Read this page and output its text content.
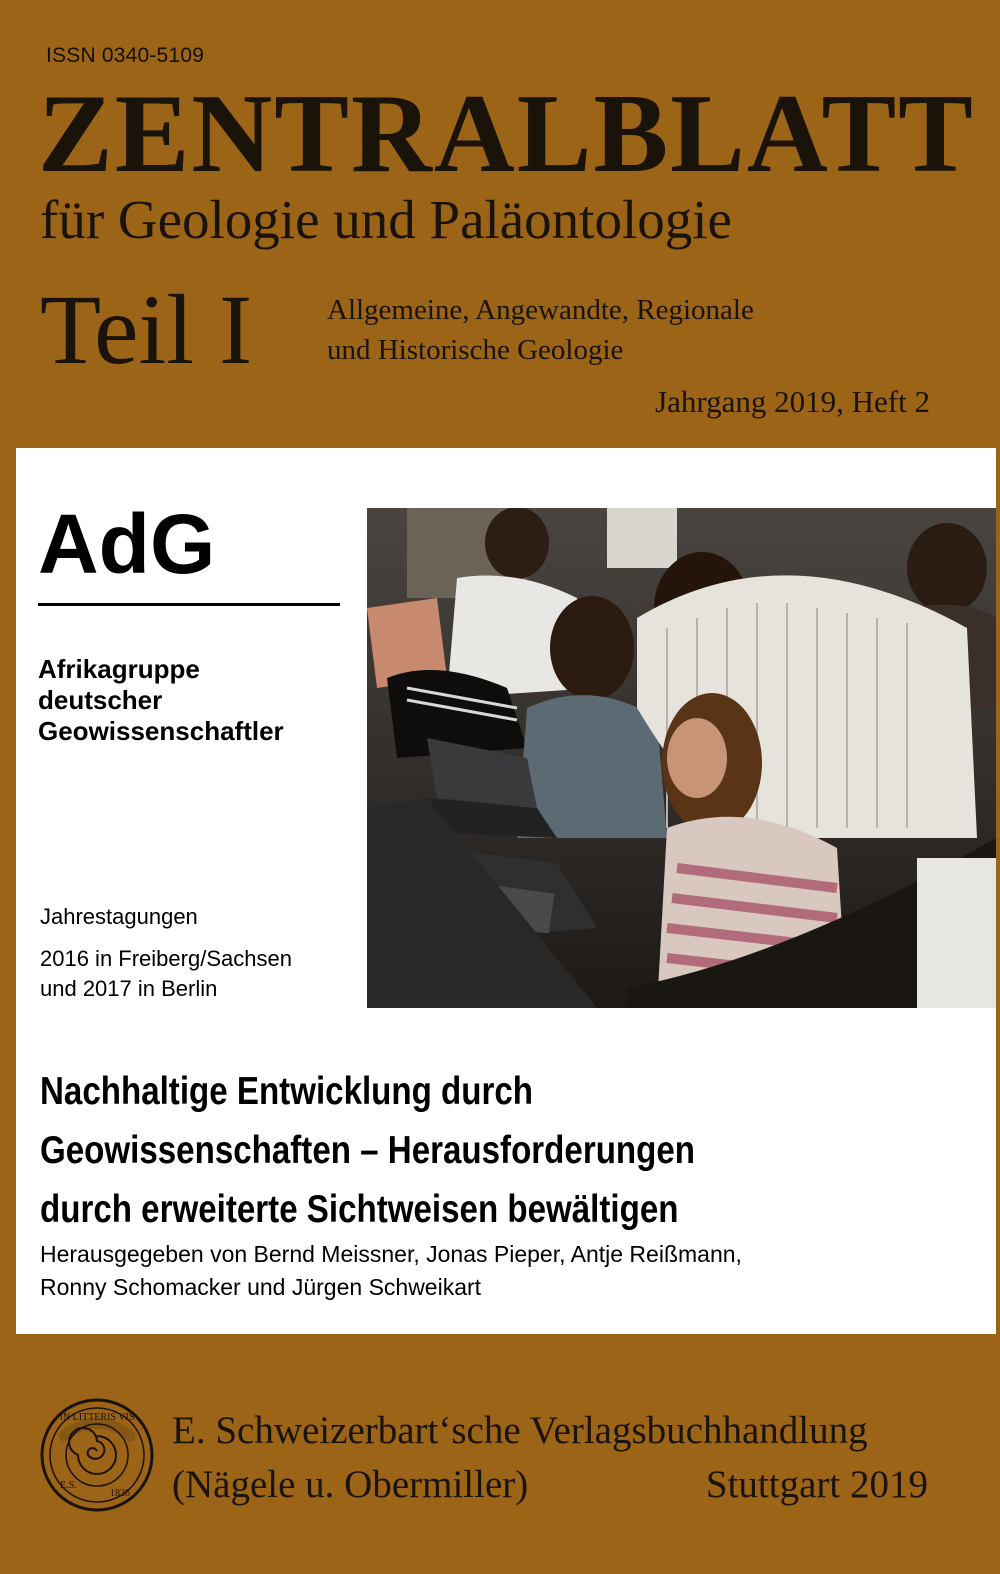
ISSN 0340-5109
ZENTRALBLATT
für Geologie und Paläontologie
Teil I	Allgemeine, Angewandte, Regionale
und Historische Geologie
Jahrgang 2019, Heft 2
AdG
Afrikagruppe
deutscher
Geowissenschaftler
Jahrestagungen
2016 in Freiberg/Sachsen
und 2017 in Berlin
Nachhaltige Entwicklung durch
Geowissenschaften – Herausforderungen
durch erweiterte Sichtweisen bewältigen
Herausgegeben von Bernd Meissner, Jonas Pieper, Antje Reißmann,
Ronny Schomacker und Jürgen Schweikart
IN LITTERIS VIS
E.S.
1826
E. Schweizerbart‘sche Verlagsbuchhandlung
(Nägele u. Obermiller)	Stuttgart 2019
